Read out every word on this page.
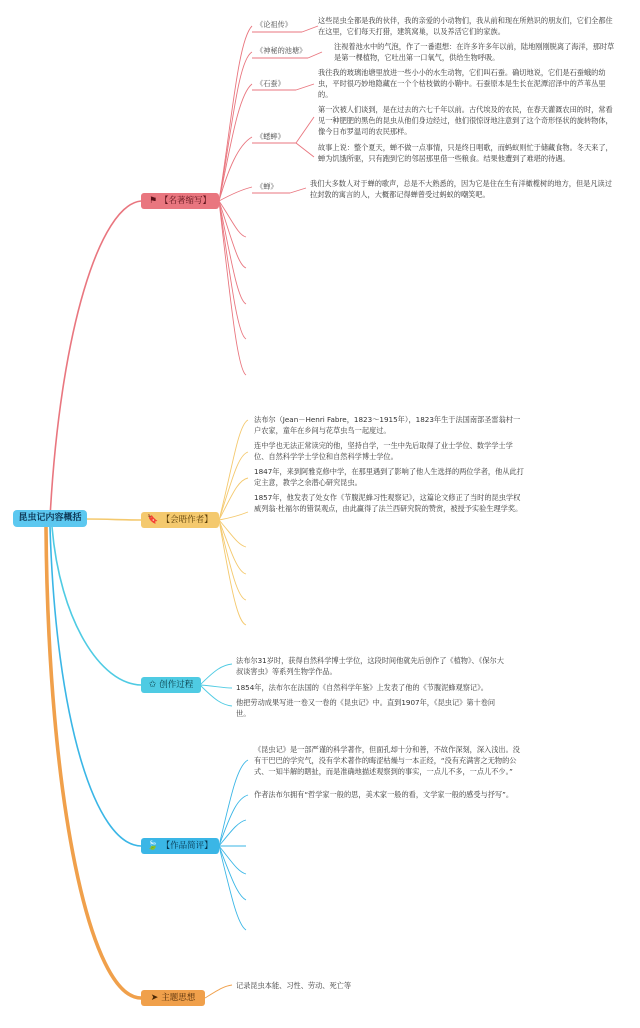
昆虫记内容概括
⚑ 【名著缩写】
《论祖传》	这些昆虫全都是我的伙伴，我的亲爱的小动物们，我从前和现在所熟识的朋友们，它们全都住在这里，它们每天打猎，建筑窝巢，以及养活它们的家族。

《神秘的池塘》	注视着池水中的气泡，作了一番遐想：在许多许多年以前，陆地刚刚脱离了海洋，那时草是第一棵植物，它吐出第一口氧气，供给生物呼吸。

《石蚕》

我往我的玻璃池塘里放进一些小小的水生动物，它们叫石蚕。确切地说，它们是石蚕蛾的幼虫，平时很巧妙地隐藏在一个个枯枝做的小鞘中。石蚕原本是生长在泥潭沼泽中的芦苇丛里的。

《蟋蟀》

第一次被人们谈到，是在过去的六七千年以前。古代埃及的农民，在春天灌溉农田的时，常看见一种肥肥的黑色的昆虫从他们身边经过，他们很惊讶地注意到了这个奇形怪状的旋转物体，像今日布罗温司的农民那样。

故事上说：整个夏天，蝉不做一点事情，只是终日唱歌，而蚂蚁则忙于储藏食物。冬天来了，蝉为饥饿所驱，只有跑到它的邻居那里借一些粮食。结果他遭到了难堪的待遇。

《蝉》	我们大多数人对于蝉的歌声，总是不大熟悉的，因为它是住在生有洋橄榄树的地方，但是凡读过拉封敦的寓言的人，大概都记得蝉曾受过蚂蚁的嘲笑吧。

🔖 【会晤作者】

法布尔（Jean－Henri Fabre，1823～1915年），1823年生于法国南部圣雷翁村一户农家，童年在乡间与花草虫鸟一起度过。

连中学也无法正常读完的他，坚持自学，一生中先后取得了业士学位、数学学士学位、自然科学学士学位和自然科学博士学位。

1847年，来到阿雅克修中学，在那里遇到了影响了他人生选择的两位学者，他从此打定主意，教学之余潜心研究昆虫。

1857年，他发表了处女作《节腹泥蜂习性观察记》，这篇论文修正了当时的昆虫学权威列翁·杜福尔的错误观点，由此赢得了法兰西研究院的赞赏，被授予实验生理学奖。

✩ 创作过程

法布尔31岁时，获得自然科学博士学位，这段时间他就先后创作了《植物》、《保尔大叔谈害虫》等系列生物学作品。

1854年，法布尔在法国的《自然科学年鉴》上发表了他的《节腹泥蜂观察记》。

他把劳动成果写进一卷又一卷的《昆虫记》中。直到1907年，《昆虫记》第十卷问世。

🍃 【作品简评】

《昆虫记》是一部严谨的科学著作，但面孔却十分和善，不故作深刻，深入浅出。没有干巴巴的学究气，没有学术著作的晦涩枯燥与一本正经，“没有充满害之无物的公式、一知半解的瞎扯，而是准确地描述观察到的事实，一点儿不多，一点儿不少。”

作者法布尔拥有“哲学家一般的思，美术家一般的看，文学家一般的感受与抒写”。

➤ 主题思想

记录昆虫本能、习性、劳动、死亡等
